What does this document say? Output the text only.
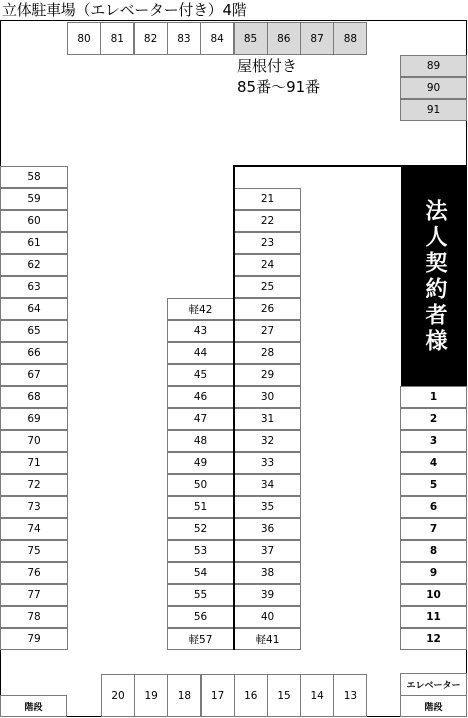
立体駐車場（エレベーター付き）4階
80	81	82	83	84	85	86	87	88
89
90
91
屋根付き
85番～91番
法人契約者様
58
59
60
61
62
63
64
65
66
67
68
69
70
71
72
73
74
75
76
77
78
79
軽42
43
44
45
46
47
48
49
50
51
52
53
54
55
56
軽57
21
22
23
24
25
26
27
28
29
30
31
32
33
34
35
36
37
38
39
40
軽41
1
2
3
4
5
6
7
8
9
10
11
12
20	19	18	17	16	15	14	13
階段
エレベーター
階段
